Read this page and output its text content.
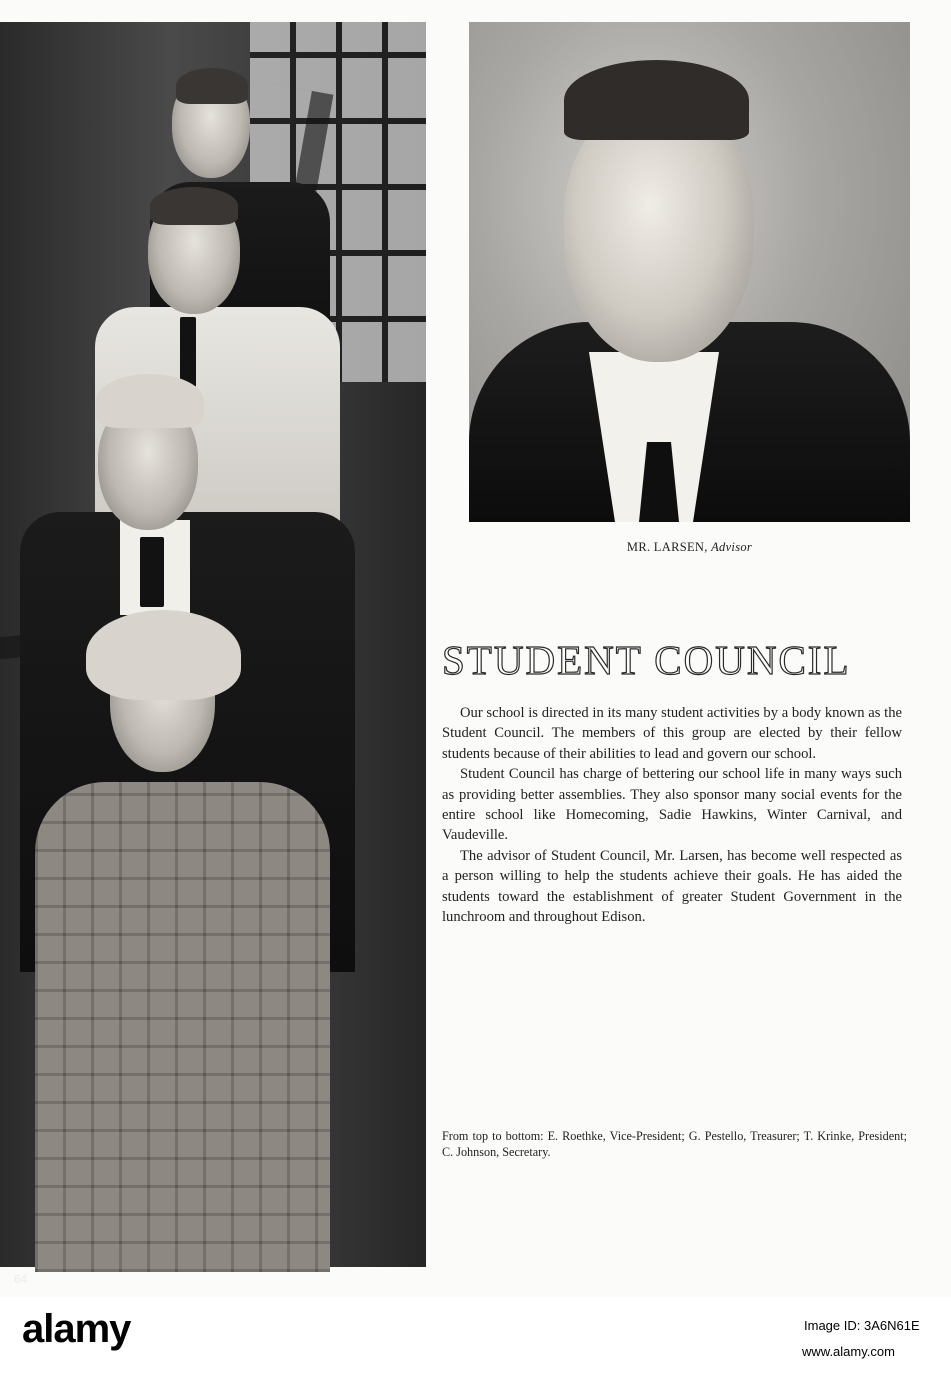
64
MR. LARSEN, Advisor
STUDENT COUNCIL

Our school is directed in its many student activities by a body known as the Student Council. The members of this group are elected by their fellow students because of their abilities to lead and govern our school.

Student Council has charge of bettering our school life in many ways such as providing better assemblies. They also sponsor many social events for the entire school like Homecoming, Sadie Hawkins, Winter Carnival, and Vaudeville.

The advisor of Student Council, Mr. Larsen, has become well respected as a person willing to help the students achieve their goals. He has aided the students toward the establishment of greater Student Government in the lunchroom and throughout Edison.

From top to bottom: E. Roethke, Vice-President; G. Pestello, Treasurer; T. Krinke, President; C. Johnson, Secretary.
alamy	Image ID: 3A6N61E
www.alamy.com
